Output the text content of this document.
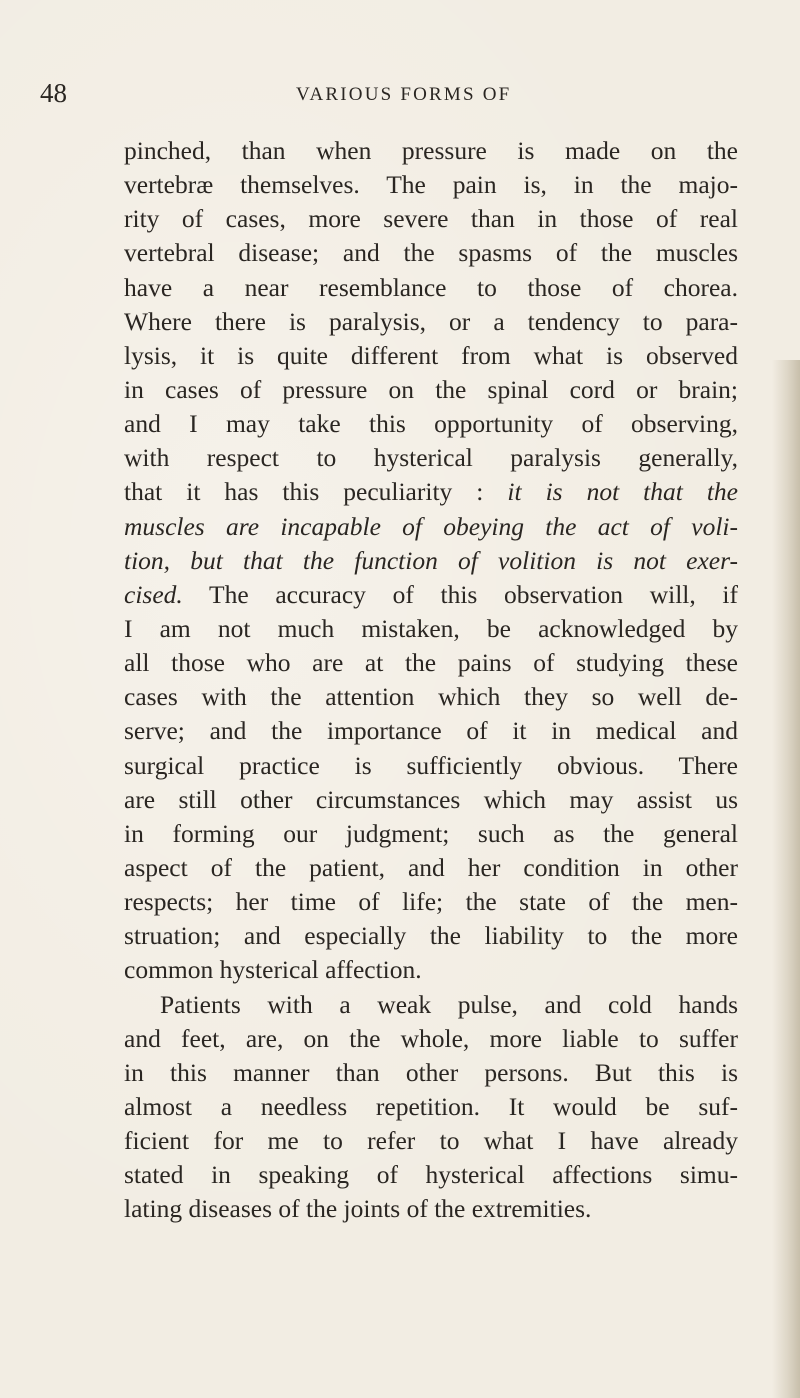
48	VARIOUS FORMS OF
pinched, than when pressure is made on the
vertebræ themselves. The pain is, in the majo-
rity of cases, more severe than in those of real
vertebral disease; and the spasms of the muscles
have a near resemblance to those of chorea.
Where there is paralysis, or a tendency to para-
lysis, it is quite different from what is observed
in cases of pressure on the spinal cord or brain;
and I may take this opportunity of observing,
with respect to hysterical paralysis generally,
that it has this peculiarity : it is not that the
muscles are incapable of obeying the act of voli-
tion, but that the function of volition is not exer-
cised. The accuracy of this observation will, if
I am not much mistaken, be acknowledged by
all those who are at the pains of studying these
cases with the attention which they so well de-
serve; and the importance of it in medical and
surgical practice is sufficiently obvious. There
are still other circumstances which may assist us
in forming our judgment; such as the general
aspect of the patient, and her condition in other
respects; her time of life; the state of the men-
struation; and especially the liability to the more
common hysterical affection.
Patients with a weak pulse, and cold hands
and feet, are, on the whole, more liable to suffer
in this manner than other persons. But this is
almost a needless repetition. It would be suf-
ficient for me to refer to what I have already
stated in speaking of hysterical affections simu-
lating diseases of the joints of the extremities.
